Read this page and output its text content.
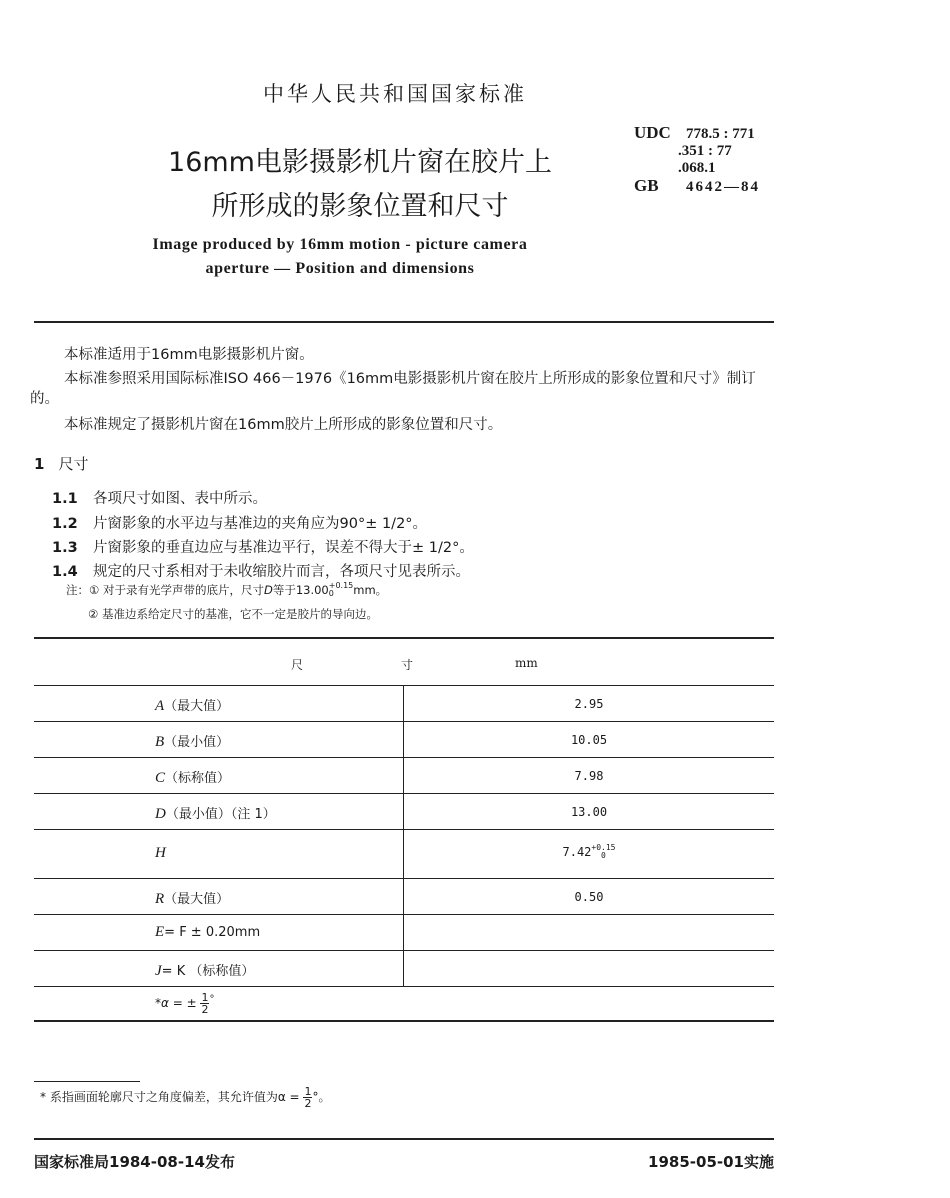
中华人民共和国国家标准
16mm电影摄影机片窗在胶片上
所形成的影象位置和尺寸
UDC 778.5 : 771
.351 : 77
.068.1
GB 4642—84
Image produced by 16mm motion - picture camera
aperture — Position and dimensions
本标准适用于16mm电影摄影机片窗。
本标准参照采用国际标准ISO 466－1976《16mm电影摄影机片窗在胶片上所形成的影象位置和尺寸》制订的。
本标准规定了摄影机片窗在16mm胶片上所形成的影象位置和尺寸。
1 尺寸
1.1 各项尺寸如图、表中所示。
1.2 片窗影象的水平边与基准边的夹角应为90°± 1/2°。
1.3 片窗影象的垂直边应与基准边平行，误差不得大于± 1/2°。
1.4 规定的尺寸系相对于未收缩胶片而言，各项尺寸见表所示。
注：① 对于录有光学声带的底片，尺寸D等于13.00 $^{+0.15 0}$	mm。
② 基准边系给定尺寸的基准，它不一定是胶片的导向边。
尺	寸	mm
A（最大值）	2.95
B（最小值）	10.05
C（标称值）	7.98
D（最小值）（注 1）	13.00
H	7.42 $^{+0.15 0}$
R（最大值）	0.50
E= F ± 0.20mm
J= K （标称值）
*α = ± $\frac{1}{2} ^\circ$
* 系指画面轮廓尺寸之角度偏差，其允许值为$\alpha = \frac{1}{2}$ °。
国家标准局1984-08-14发布	1985-05-01实施
